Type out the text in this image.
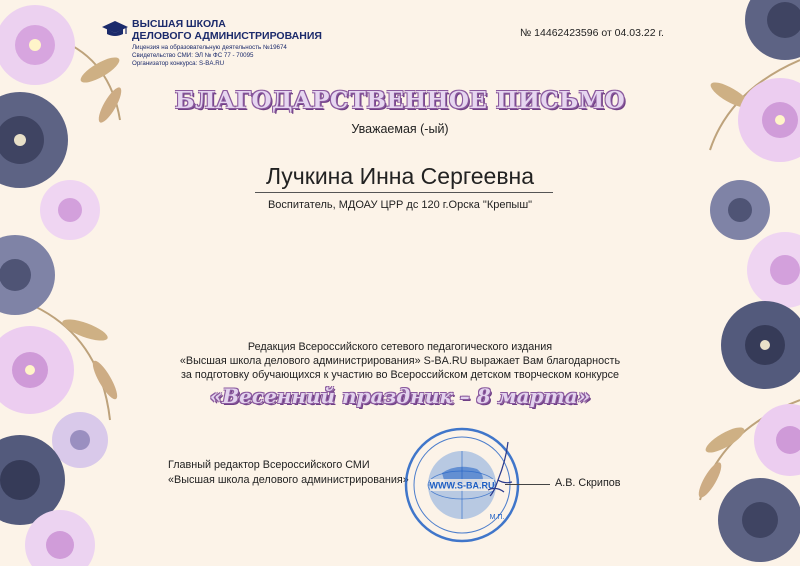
ВЫСШАЯ ШКОЛА
ДЕЛОВОГО АДМИНИСТРИРОВАНИЯ
Лицензия на образовательную деятельность №19674
Свидетельство СМИ: ЭЛ № ФС 77 - 70095
Организатор конкурса: S-BA.RU
№ 14462423596 от 04.03.22 г.
БЛАГОДАРСТВЕННОЕ ПИСЬМО
Уважаемая (-ый)
Лучкина Инна Сергеевна
Воспитатель, МДОАУ ЦРР дс 120 г.Орска "Крепыш"
Редакция Всероссийского сетевого педагогического издания
«Высшая школа делового администрирования» S-BA.RU выражает Вам благодарность
за подготовку обучающихся к участию во Всероссийском детском творческом конкурсе
«Весенний праздник – 8 марта»
Главный редактор Всероссийского СМИ
«Высшая школа делового администрирования»	WWW.S-BA.RU
М.П.
А.В. Скрипов
